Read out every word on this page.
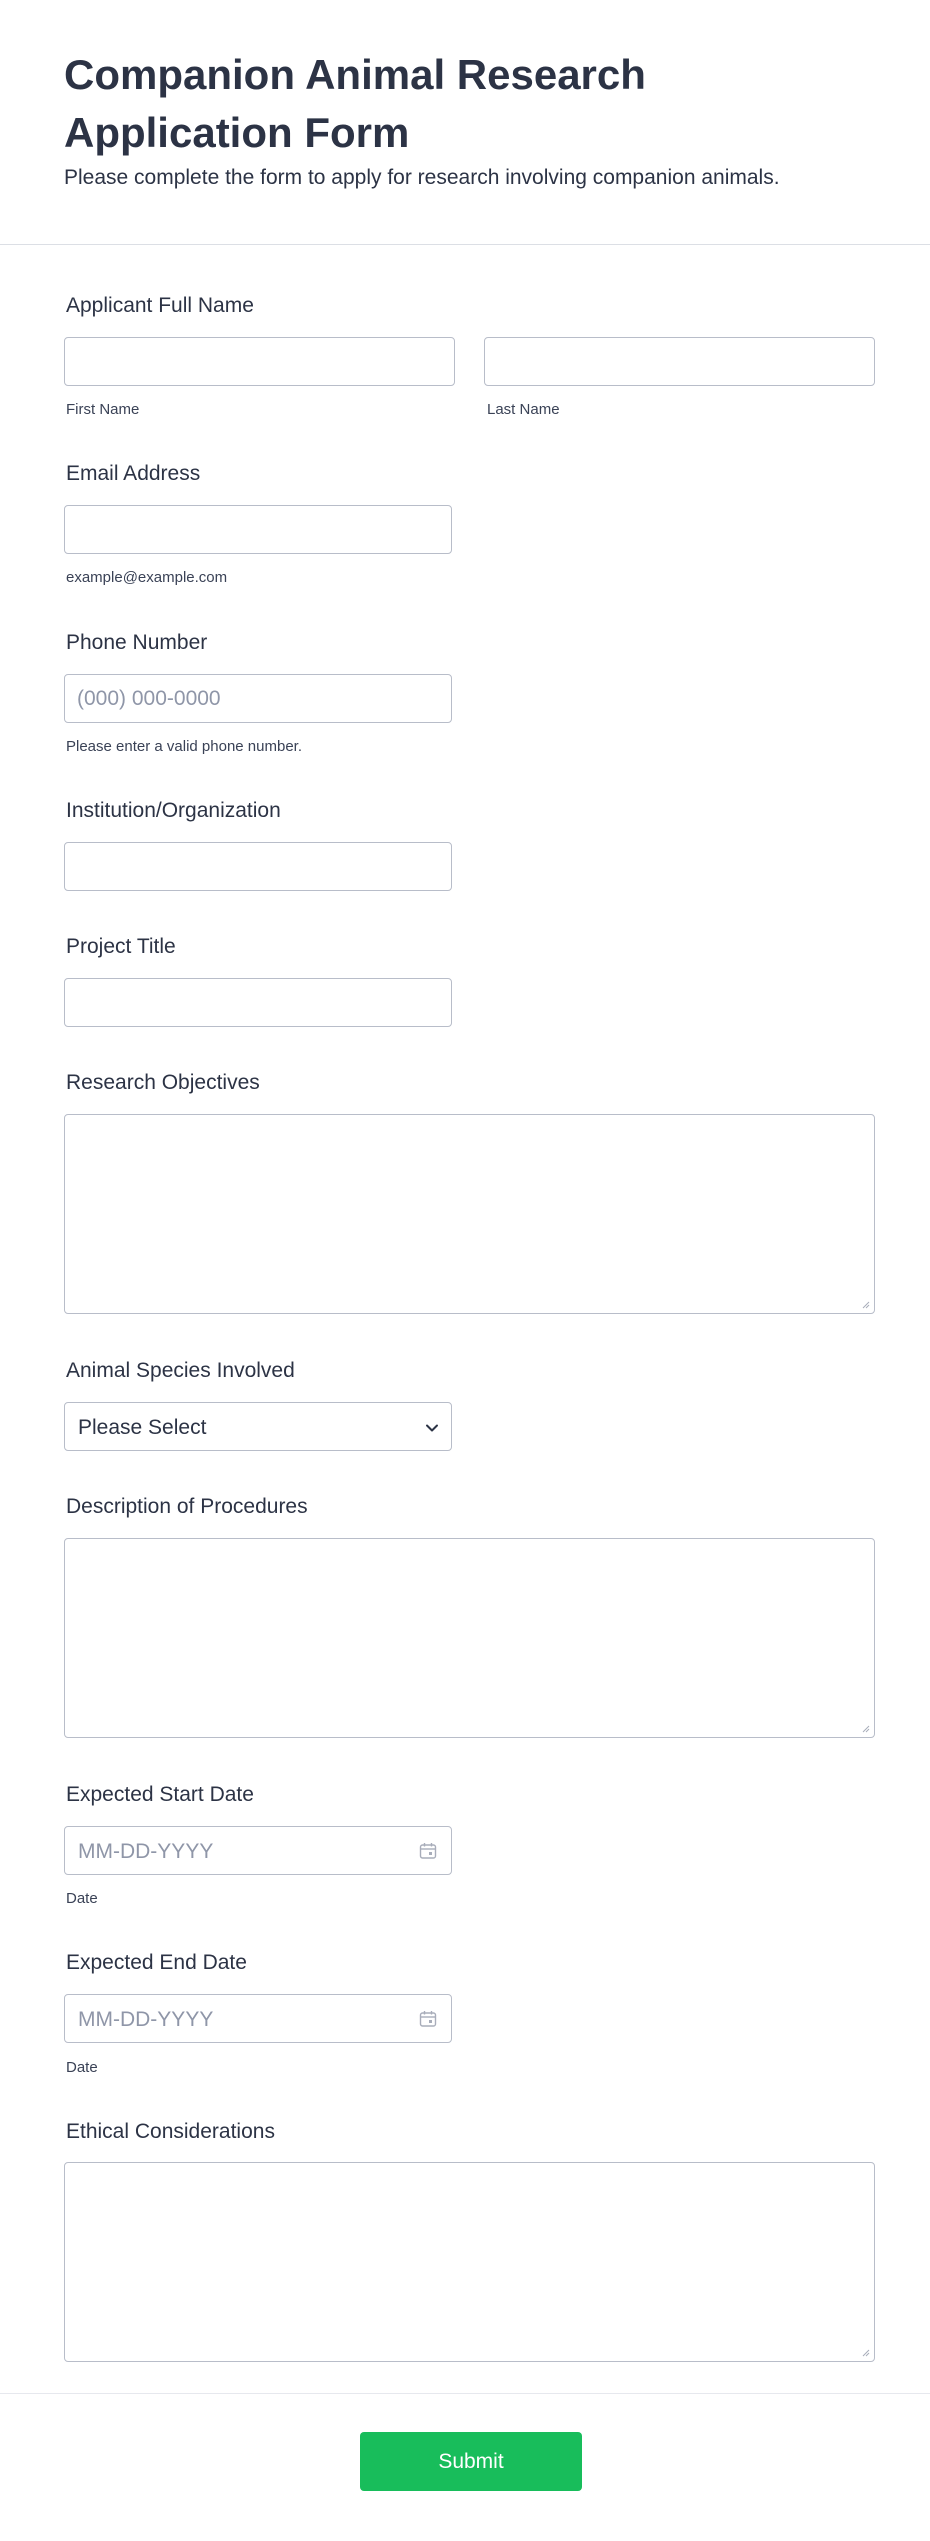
Companion Animal Research Application Form

Please complete the form to apply for research involving companion animals.

Applicant Full Name
First Name	Last Name
Email Address
example@example.com
Phone Number
(000) 000-0000
Please enter a valid phone number.
Institution/Organization
Project Title
Research Objectives
Animal Species Involved
Please Select
Description of Procedures
Expected Start Date
MM-DD-YYYY
Date
Expected End Date
MM-DD-YYYY
Date
Ethical Considerations
Submit
